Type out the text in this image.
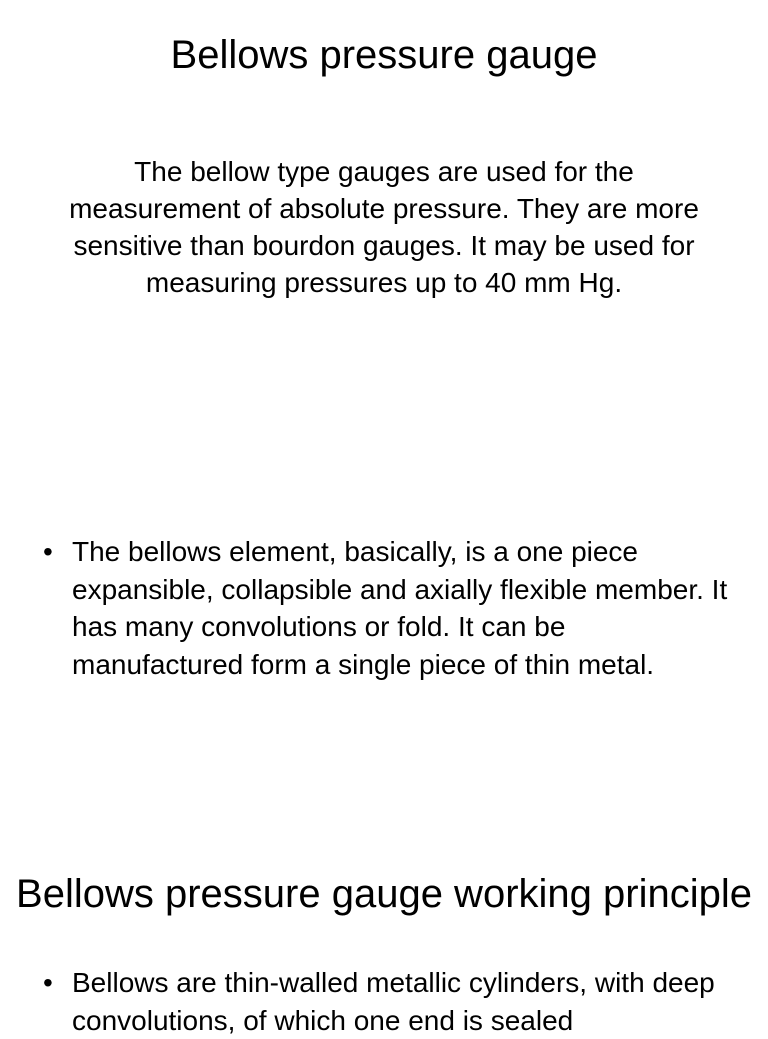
Bellows pressure gauge

The bellow type gauges are used for the measurement of absolute pressure. They are more sensitive than bourdon gauges. It may be used for measuring pressures up to 40 mm Hg.

• The bellows element, basically, is a one piece expansible, collapsible and axially flexible member. It has many convolutions or fold. It can be manufactured form a single piece of thin metal.
Bellows pressure gauge working principle
• Bellows are thin-walled metallic cylinders, with deep convolutions, of which one end is sealed
